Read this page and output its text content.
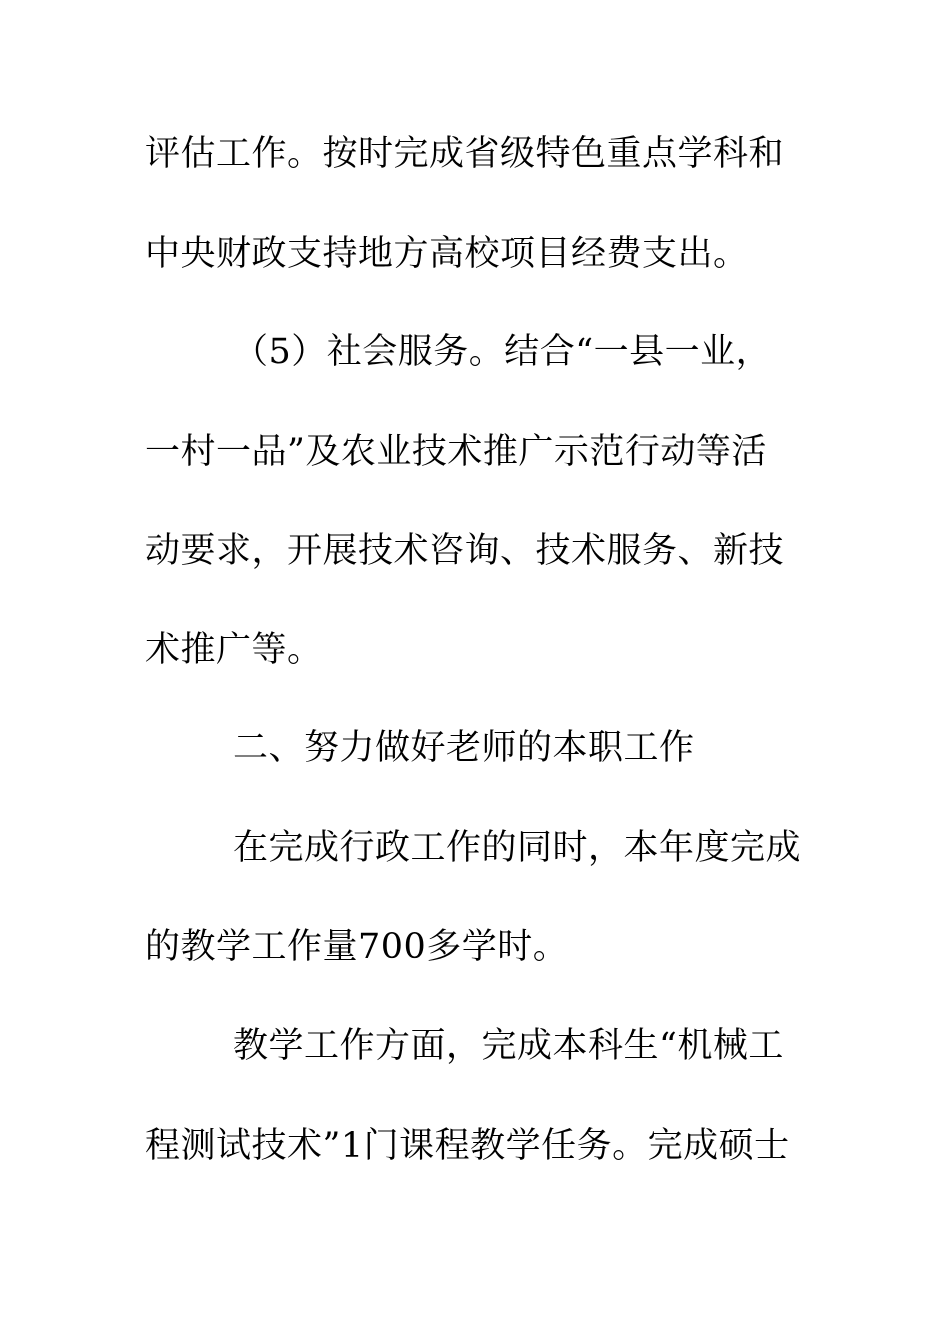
评估工作。按时完成省级特色重点学科和
中央财政支持地方高校项目经费支出。
（5）社会服务。结合“一县一业，
一村一品”及农业技术推广示范行动等活
动要求，开展技术咨询、技术服务、新技
术推广等。
二、努力做好老师的本职工作
在完成行政工作的同时，本年度完成
的教学工作量700多学时。
教学工作方面，完成本科生“机械工
程测试技术”1门课程教学任务。完成硕士
